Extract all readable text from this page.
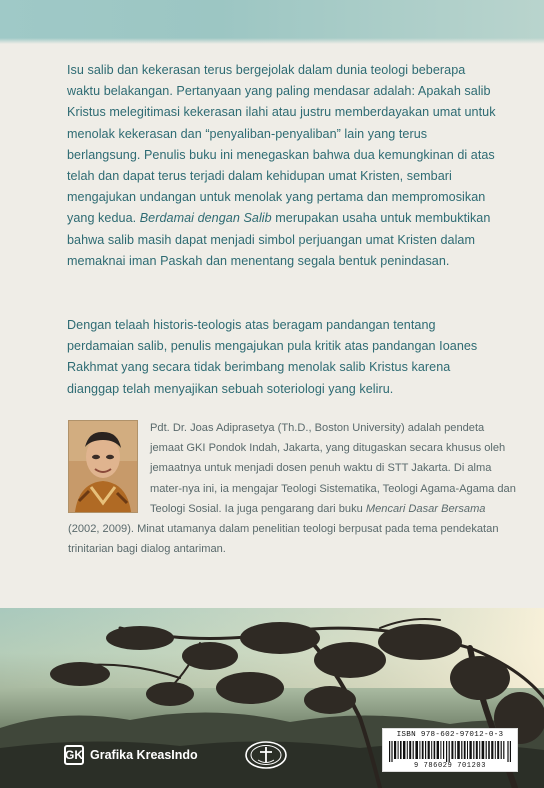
Isu salib dan kekerasan terus bergejolak dalam dunia teologi beberapa waktu belakangan. Pertanyaan yang paling mendasar adalah: Apakah salib Kristus melegitimasi kekerasan ilahi atau justru memberdayakan umat untuk menolak kekerasan dan “penyaliban-penyaliban” lain yang terus berlangsung. Penulis buku ini menegaskan bahwa dua kemungkinan di atas telah dan dapat terus terjadi dalam kehidupan umat Kristen, sembari mengajukan undangan untuk menolak yang pertama dan mempromosikan yang kedua. Berdamai dengan Salib merupakan usaha untuk membuktikan bahwa salib masih dapat menjadi simbol perjuangan umat Kristen dalam memaknai iman Paskah dan menentang segala bentuk penindasan.

Dengan telaah historis-teologis atas beragam pandangan tentang perdamaian salib, penulis mengajukan pula kritik atas pandangan Ioanes Rakhmat yang secara tidak berimbang menolak salib Kristus karena dianggap telah menyajikan sebuah soteriologi yang keliru.

Pdt. Dr. Joas Adiprasetya (Th.D., Boston University) adalah pendeta jemaat GKI Pondok Indah, Jakarta, yang ditugaskan secara khusus oleh jemaatnya untuk menjadi dosen penuh waktu di STT Jakarta. Di alma mater-nya ini, ia mengajar Teologi Sistematika, Teologi Agama-Agama dan Teologi Sosial. Ia juga pengarang dari buku Mencari Dasar Bersama (2002, 2009). Minat utamanya dalam penelitian teologi berpusat pada tema pendekatan trinitarian bagi dialog antariman.
GK Grafika KreasIndo
ISBN 978-602-97012-0-3
9 786029 701203
